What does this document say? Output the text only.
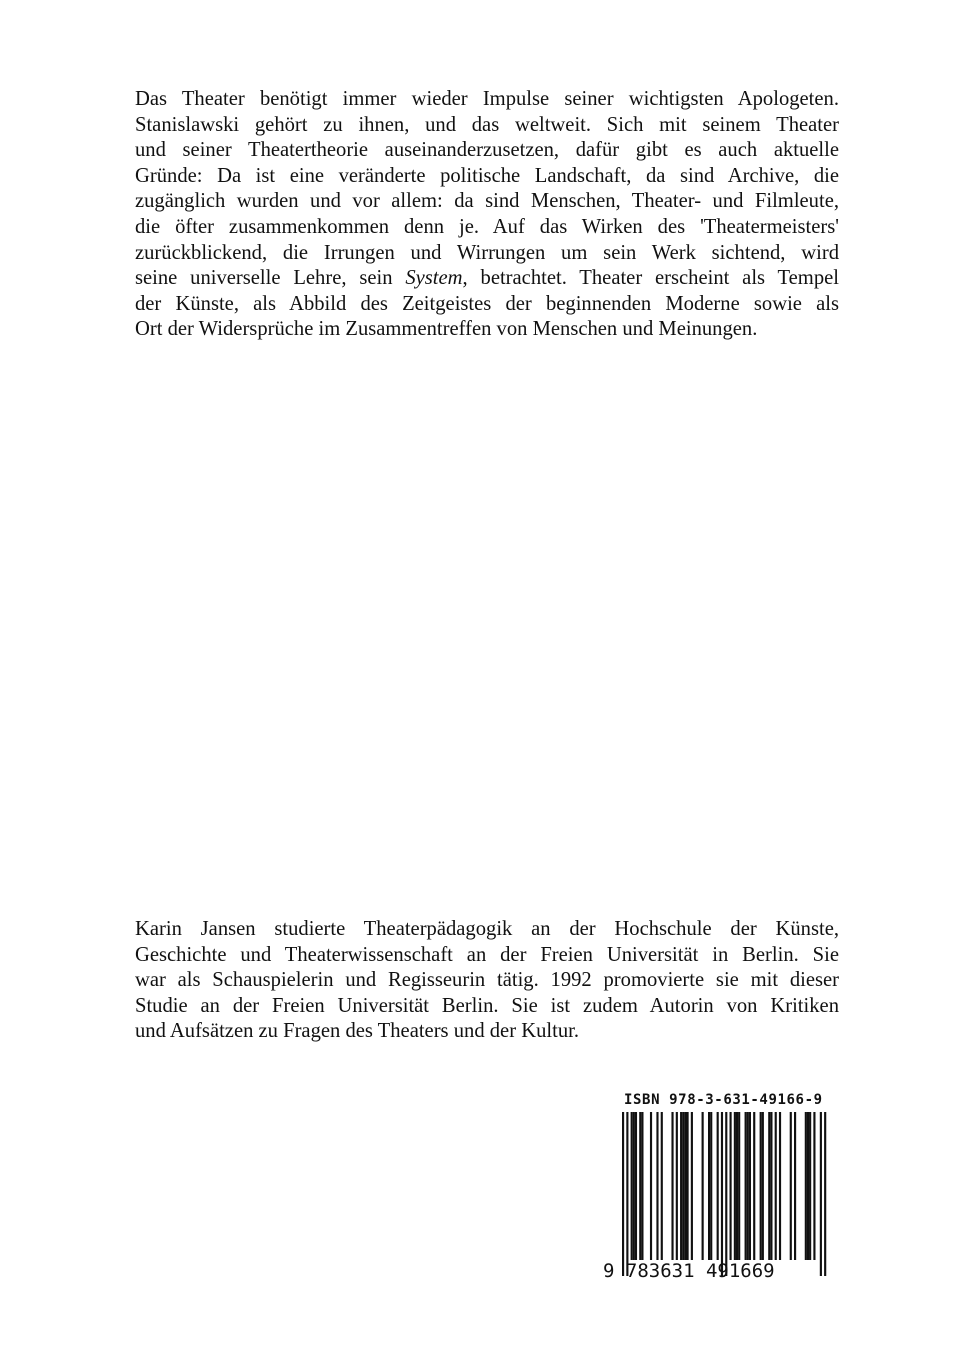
Das Theater benötigt immer wieder Impulse seiner wichtigsten Apologeten.
Stanislawski gehört zu ihnen, und das weltweit. Sich mit seinem Theater
und seiner Theatertheorie auseinanderzusetzen, dafür gibt es auch aktuelle
Gründe: Da ist eine veränderte politische Landschaft, da sind Archive, die
zugänglich wurden und vor allem: da sind Menschen, Theater- und Filmleute,
die öfter zusammenkommen denn je. Auf das Wirken des 'Theatermeisters'
zurückblickend, die Irrungen und Wirrungen um sein Werk sichtend, wird
seine universelle Lehre, sein System, betrachtet. Theater erscheint als Tempel
der Künste, als Abbild des Zeitgeistes der beginnenden Moderne sowie als
Ort der Widersprüche im Zusammentreffen von Menschen und Meinungen.

Karin Jansen studierte Theaterpädagogik an der Hochschule der Künste,
Geschichte und Theaterwissenschaft an der Freien Universität in Berlin. Sie
war als Schauspielerin und Regisseurin tätig. 1992 promovierte sie mit dieser
Studie an der Freien Universität Berlin. Sie ist zudem Autorin von Kritiken
und Aufsätzen zu Fragen des Theaters und der Kultur.

ISBN 978-3-631-49166-9
9 783631 491669
